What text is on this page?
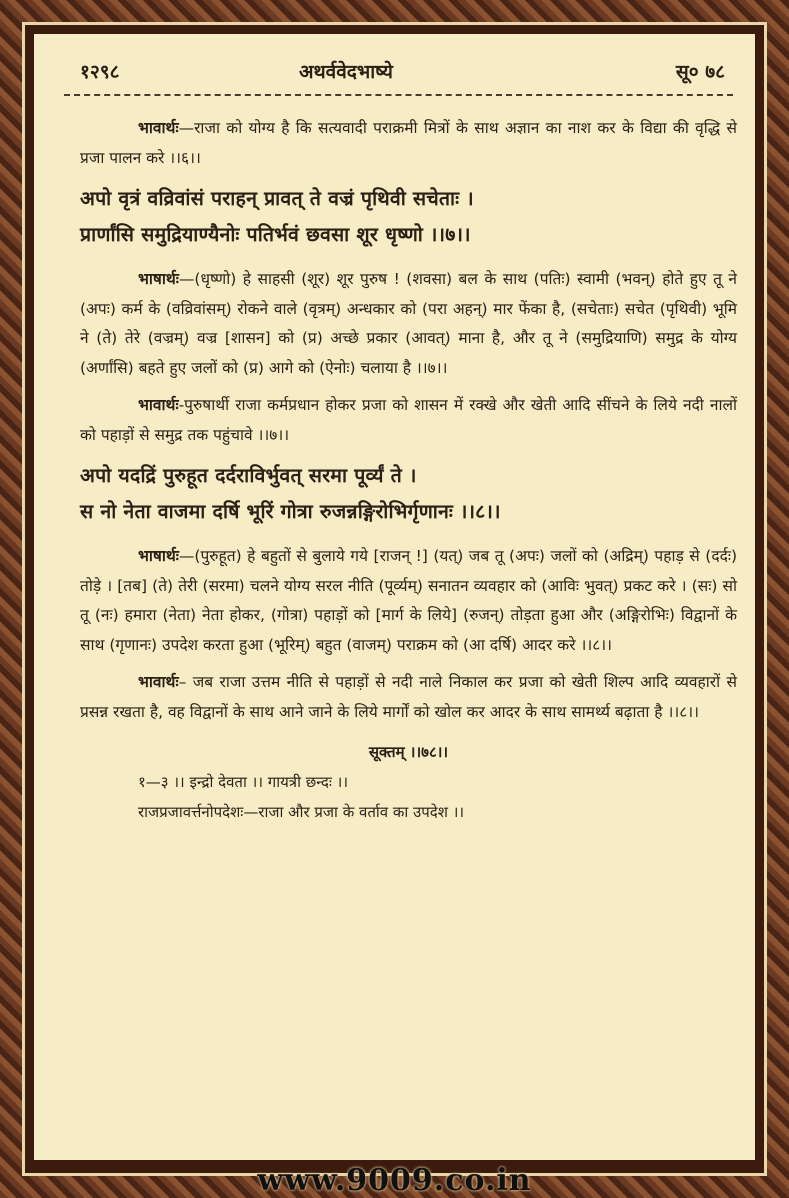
१२९८	अथर्ववेदभाष्ये	सू० ७८

भावार्थः—राजा को योग्य है कि सत्यवादी पराक्रमी मित्रों के साथ अज्ञान का नाश कर के विद्या की वृद्धि से प्रजा पालन करे ।।६।।

अपो वृत्रं वव्रिवांसं पराहन् प्रावत् ते वज्रं पृथिवी सचेताः ।

प्रार्णांसि समुद्रियाण्यैनोः पतिर्भवं छवसा शूर धृष्णो ।।७।।

भाषार्थः—(धृष्णो) हे साहसी (शूर) शूर पुरुष ! (शवसा) बल के साथ (पतिः) स्वामी (भवन्) होते हुए तू ने (अपः) कर्म के (वव्रिवांसम्) रोकने वाले (वृत्रम्) अन्धकार को (परा अहन्) मार फेंका है, (सचेताः) सचेत (पृथिवी) भूमि ने (ते) तेरे (वज्रम्) वज्र [शासन] को (प्र) अच्छे प्रकार (आवत्) माना है, और तू ने (समुद्रियाणि) समुद्र के योग्य (अर्णांसि) बहते हुए जलों को (प्र) आगे को (ऐनोः) चलाया है ।।७।।

भावार्थः-पुरुषार्थी राजा कर्मप्रधान होकर प्रजा को शासन में रक्खे और खेती आदि सींचने के लिये नदी नालों को पहाड़ों से समुद्र तक पहुंचावे ।।७।।

अपो यदद्रिं पुरुहूत दर्दराविर्भुवत् सरमा पूर्व्यं ते ।

स नो नेता वाजमा दर्षि भूरिं गोत्रा रुजन्नङ्गिरोभिर्गृणानः ।।८।।

भाषार्थः—(पुरुहूत) हे बहुतों से बुलाये गये [राजन् !] (यत्) जब तू (अपः) जलों को (अद्रिम्) पहाड़ से (दर्दः) तोड़े । [तब] (ते) तेरी (सरमा) चलने योग्य सरल नीति (पूर्व्यम्) सनातन व्यवहार को (आविः भुवत्) प्रकट करे । (सः) सो तू (नः) हमारा (नेता) नेता होकर, (गोत्रा) पहाड़ों को [मार्ग के लिये] (रुजन्) तोड़ता हुआ और (अङ्गिरोभिः) विद्वानों के साथ (गृणानः) उपदेश करता हुआ (भूरिम्) बहुत (वाजम्) पराक्रम को (आ दर्षि) आदर करे ।।८।।

भावार्थः– जब राजा उत्तम नीति से पहाड़ों से नदी नाले निकाल कर प्रजा को खेती शिल्प आदि व्यवहारों से प्रसन्न रखता है, वह विद्वानों के साथ आने जाने के लिये मार्गों को खोल कर आदर के साथ सामर्थ्य बढ़ाता है ।।८।।

सूक्तम् ।।७८।।
१—३ ।। इन्द्रो देवता ।। गायत्री छन्दः ।।
राजप्रजावर्त्तनोपदेशः—राजा और प्रजा के वर्ताव का उपदेश ।।
www.9009.co.in
